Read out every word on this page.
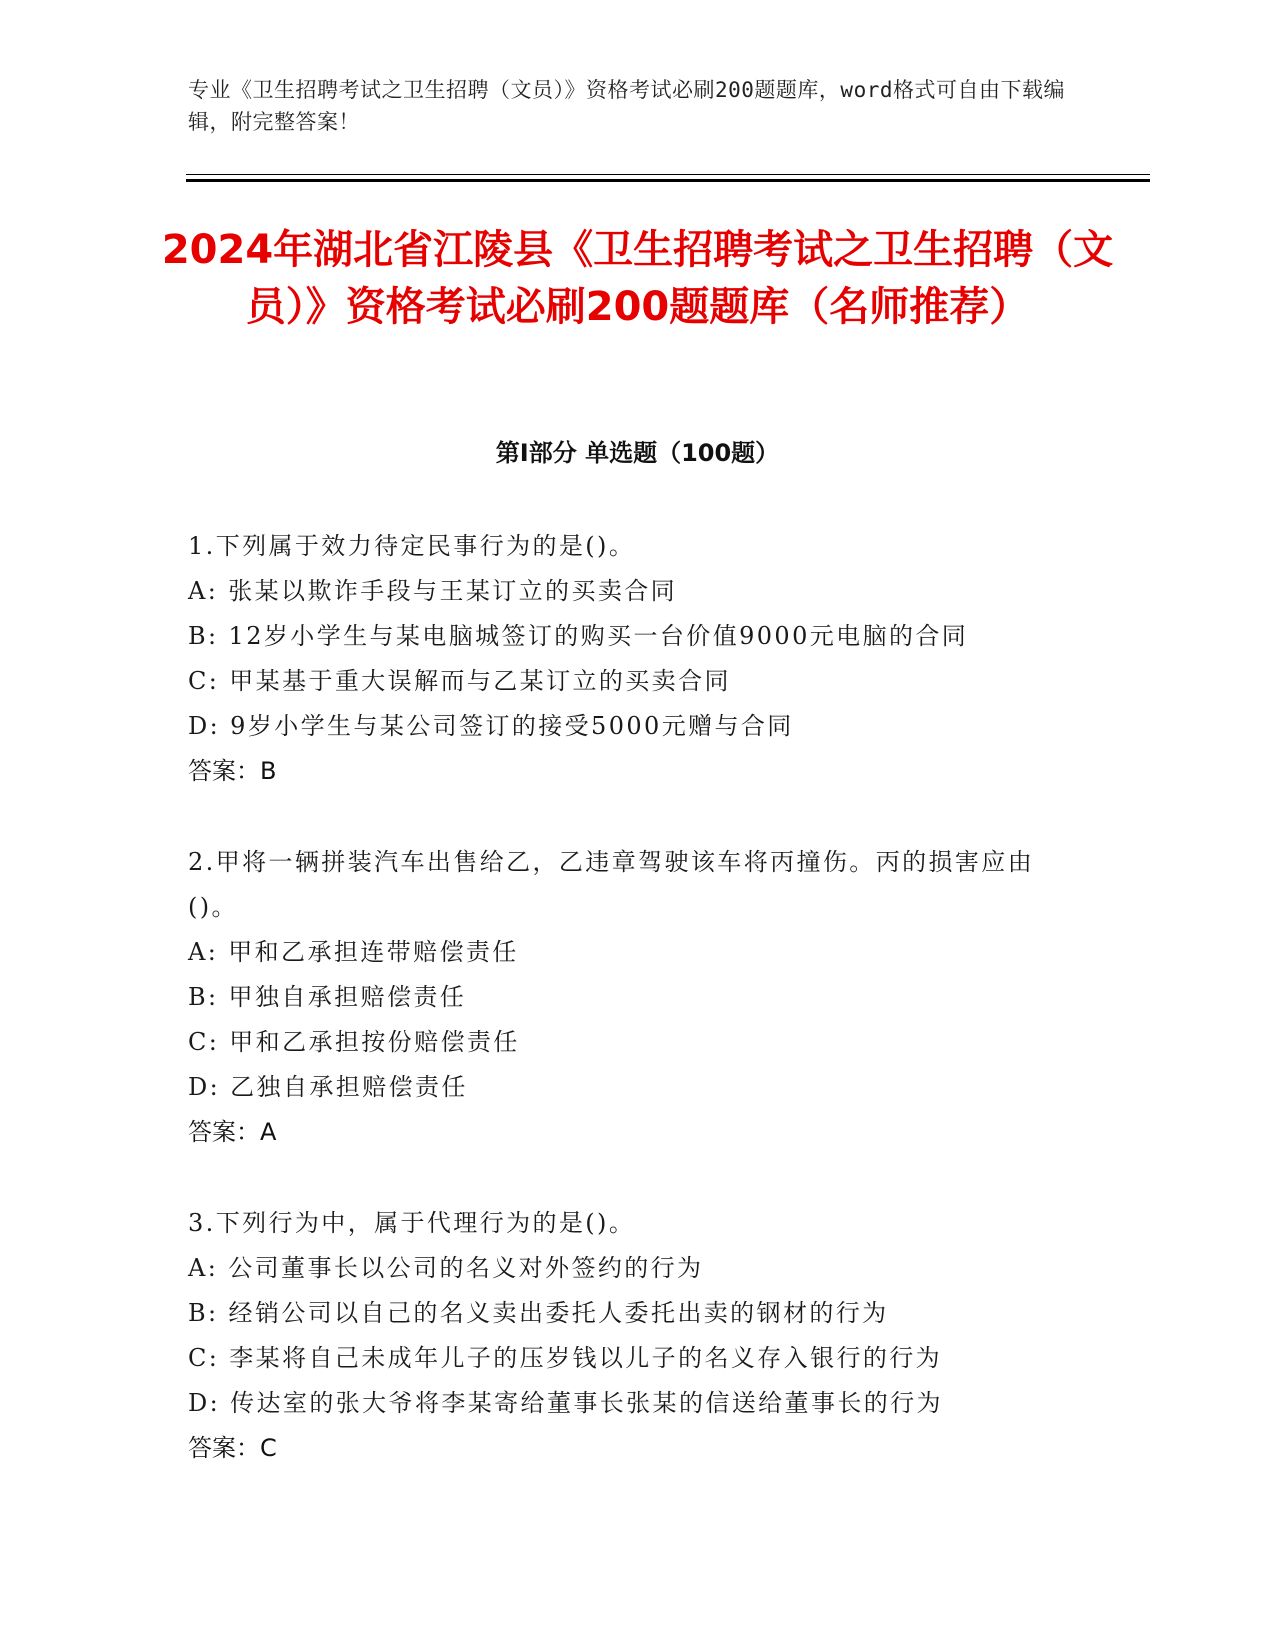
专业《卫生招聘考试之卫生招聘（文员）》资格考试必刷200题题库，word格式可自由下载编辑，附完整答案！
2024年湖北省江陵县《卫生招聘考试之卫生招聘（文员）》资格考试必刷200题题库（名师推荐）
第I部分 单选题（100题）

1.下列属于效力待定民事行为的是()。

A: 张某以欺诈手段与王某订立的买卖合同

B: 12岁小学生与某电脑城签订的购买一台价值9000元电脑的合同

C: 甲某基于重大误解而与乙某订立的买卖合同

D: 9岁小学生与某公司签订的接受5000元赠与合同

答案：B

2.甲将一辆拼装汽车出售给乙，乙违章驾驶该车将丙撞伤。丙的损害应由()。

A: 甲和乙承担连带赔偿责任

B: 甲独自承担赔偿责任

C: 甲和乙承担按份赔偿责任

D: 乙独自承担赔偿责任

答案：A

3.下列行为中，属于代理行为的是()。

A: 公司董事长以公司的名义对外签约的行为

B: 经销公司以自己的名义卖出委托人委托出卖的钢材的行为

C: 李某将自己未成年儿子的压岁钱以儿子的名义存入银行的行为

D: 传达室的张大爷将李某寄给董事长张某的信送给董事长的行为

答案：C
